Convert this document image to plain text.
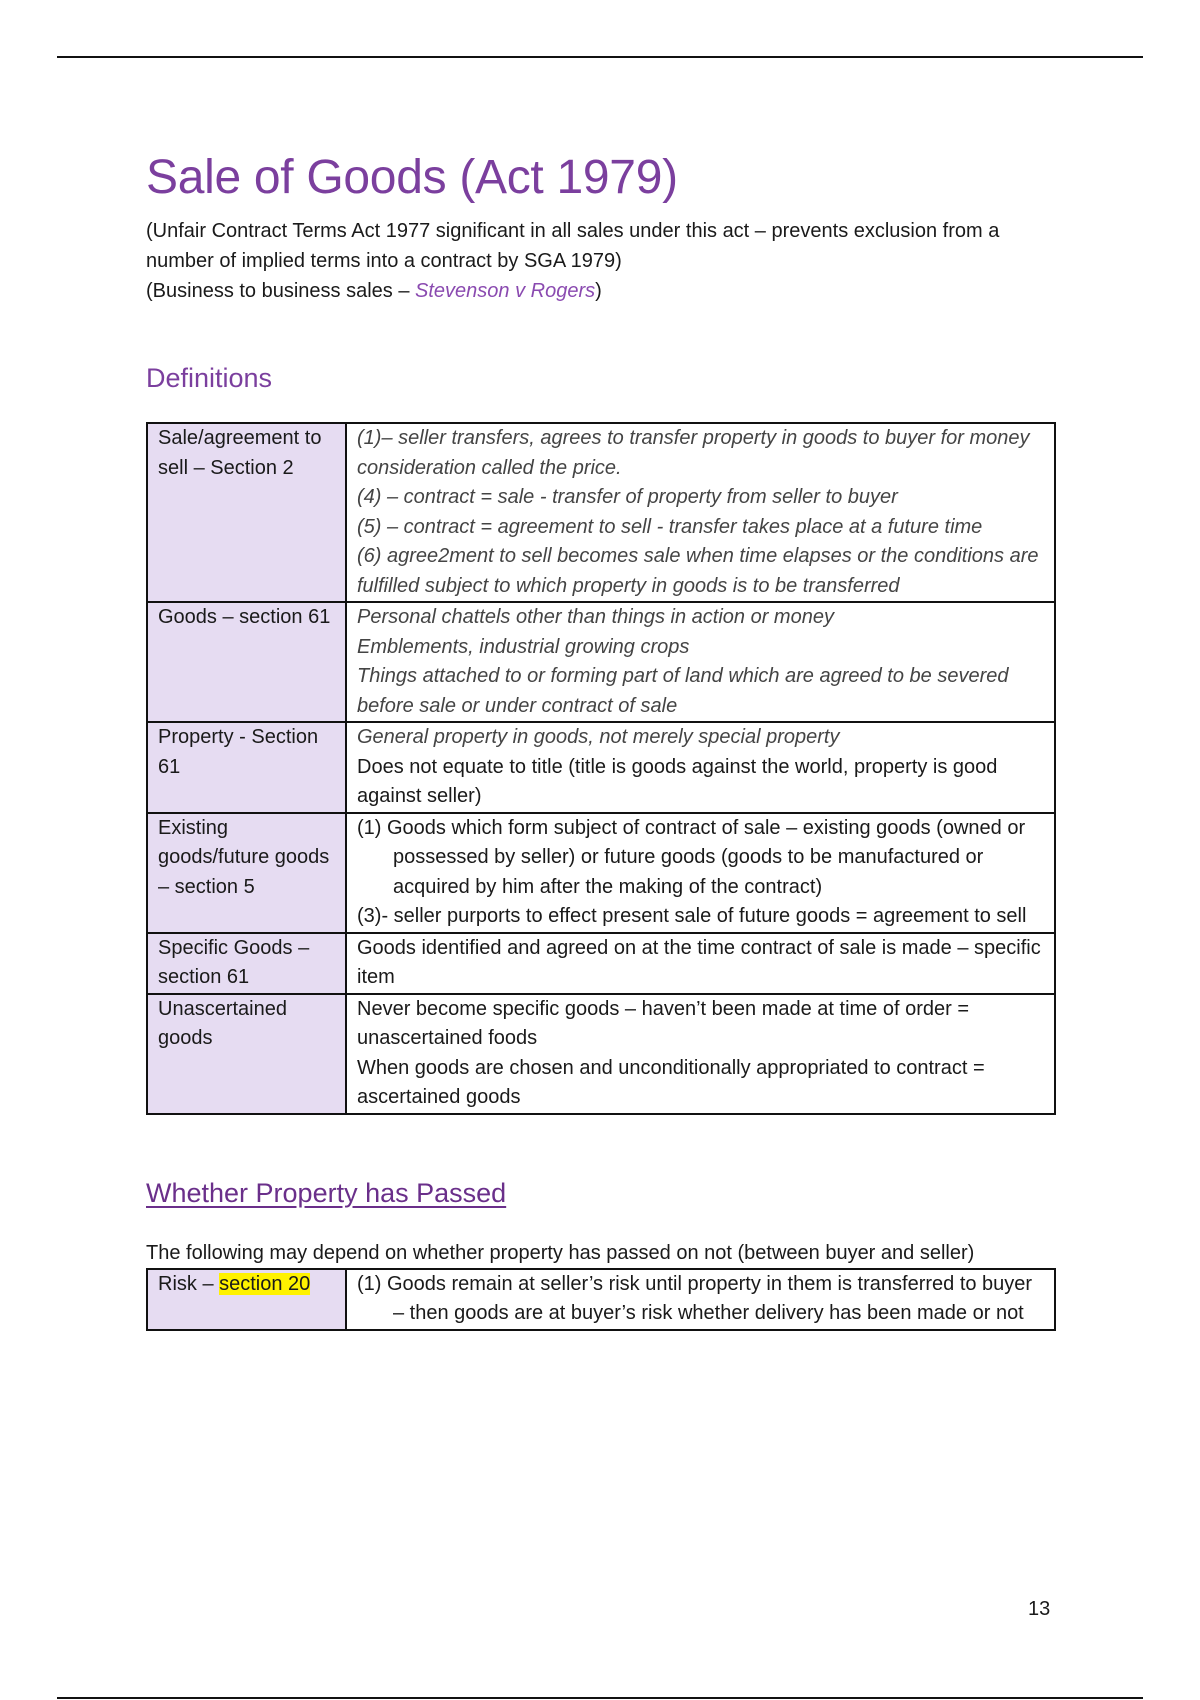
Sale of Goods (Act 1979)

(Unfair Contract Terms Act 1977 significant in all sales under this act – prevents exclusion from a number of implied terms into a contract by SGA 1979)
(Business to business sales – Stevenson v Rogers)

Definitions
Sale/agreement to sell – Section 2	(1)– seller transfers, agrees to transfer property in goods to buyer for money consideration called the price.
(4) – contract = sale - transfer of property from seller to buyer
(5) – contract = agreement to sell - transfer takes place at a future time
(6) agree2ment to sell becomes sale when time elapses or the conditions are fulfilled subject to which property in goods is to be transferred

Goods – section 61	Personal chattels other than things in action or money
Emblements, industrial growing crops
Things attached to or forming part of land which are agreed to be severed before sale or under contract of sale

Property - Section 61	General property in goods, not merely special property
Does not equate to title (title is goods against the world, property is good against seller)

Existing goods/future goods – section 5	(1) Goods which form subject of contract of sale – existing goods (owned or possessed by seller) or future goods (goods to be manufactured or acquired by him after the making of the contract)
(3)- seller purports to effect present sale of future goods = agreement to sell

Specific Goods – section 61	Goods identified and agreed on at the time contract of sale is made – specific item

Unascertained goods	Never become specific goods – haven’t been made at time of order = unascertained foods
When goods are chosen and unconditionally appropriated to contract = ascertained goods
Whether Property has Passed

The following may depend on whether property has passed on not (between buyer and seller)

Risk – section 20	(1) Goods remain at seller’s risk until property in them is transferred to buyer – then goods are at buyer’s risk whether delivery has been made or not
13
